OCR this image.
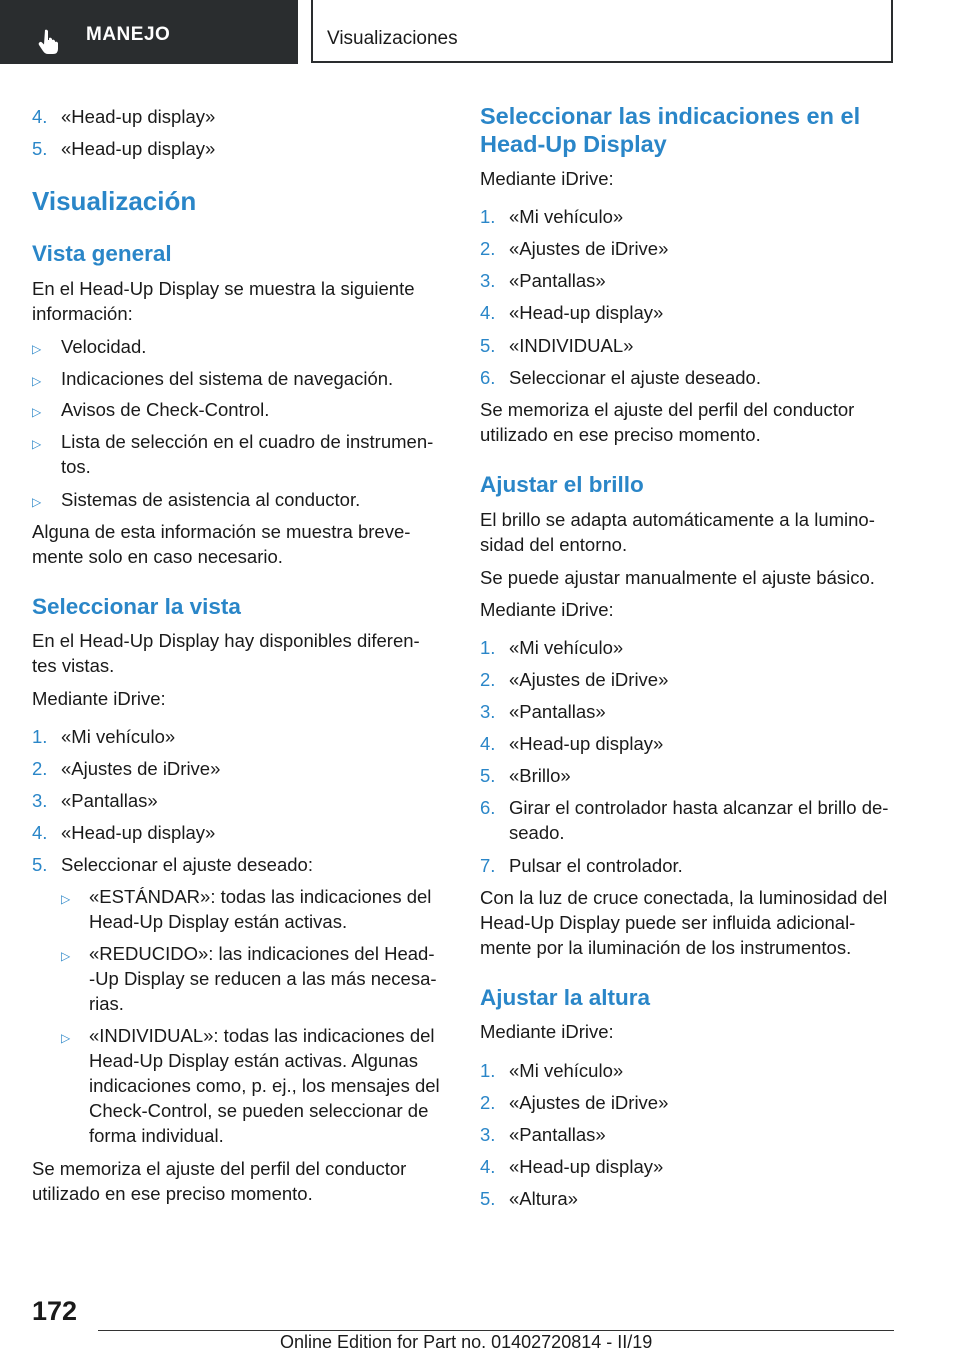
MANEJO	Visualizaciones
4. «Head-up display»
5. «Head-up display»
Visualización
Vista general
En el Head-Up Display se muestra la siguiente
información:
▷ Velocidad.
▷ Indicaciones del sistema de navegación.
▷ Avisos de Check-Control.
▷ Lista de selección en el cuadro de instrumen-
tos.
▷ Sistemas de asistencia al conductor.
Alguna de esta información se muestra breve-
mente solo en caso necesario.
Seleccionar la vista
En el Head-Up Display hay disponibles diferen-
tes vistas.
Mediante iDrive:
1. «Mi vehículo»
2. «Ajustes de iDrive»
3. «Pantallas»
4. «Head-up display»
5. Seleccionar el ajuste deseado:
▷ «ESTÁNDAR»: todas las indicaciones del
Head-Up Display están activas.
▷ «REDUCIDO»: las indicaciones del Head-
-Up Display se reducen a las más necesa-
rias.
▷ «INDIVIDUAL»: todas las indicaciones del
Head-Up Display están activas. Algunas
indicaciones como, p. ej., los mensajes del
Check-Control, se pueden seleccionar de
forma individual.
Se memoriza el ajuste del perfil del conductor
utilizado en ese preciso momento.
Seleccionar las indicaciones en el
Head-Up Display
Mediante iDrive:
1. «Mi vehículo»
2. «Ajustes de iDrive»
3. «Pantallas»
4. «Head-up display»
5. «INDIVIDUAL»
6. Seleccionar el ajuste deseado.
Se memoriza el ajuste del perfil del conductor
utilizado en ese preciso momento.
Ajustar el brillo
El brillo se adapta automáticamente a la lumino-
sidad del entorno.
Se puede ajustar manualmente el ajuste básico.
Mediante iDrive:
1. «Mi vehículo»
2. «Ajustes de iDrive»
3. «Pantallas»
4. «Head-up display»
5. «Brillo»
6. Girar el controlador hasta alcanzar el brillo de-
seado.
7. Pulsar el controlador.
Con la luz de cruce conectada, la luminosidad del
Head-Up Display puede ser influida adicional-
mente por la iluminación de los instrumentos.
Ajustar la altura
Mediante iDrive:
1. «Mi vehículo»
2. «Ajustes de iDrive»
3. «Pantallas»
4. «Head-up display»
5. «Altura»
172
Online Edition for Part no. 01402720814 - II/19
